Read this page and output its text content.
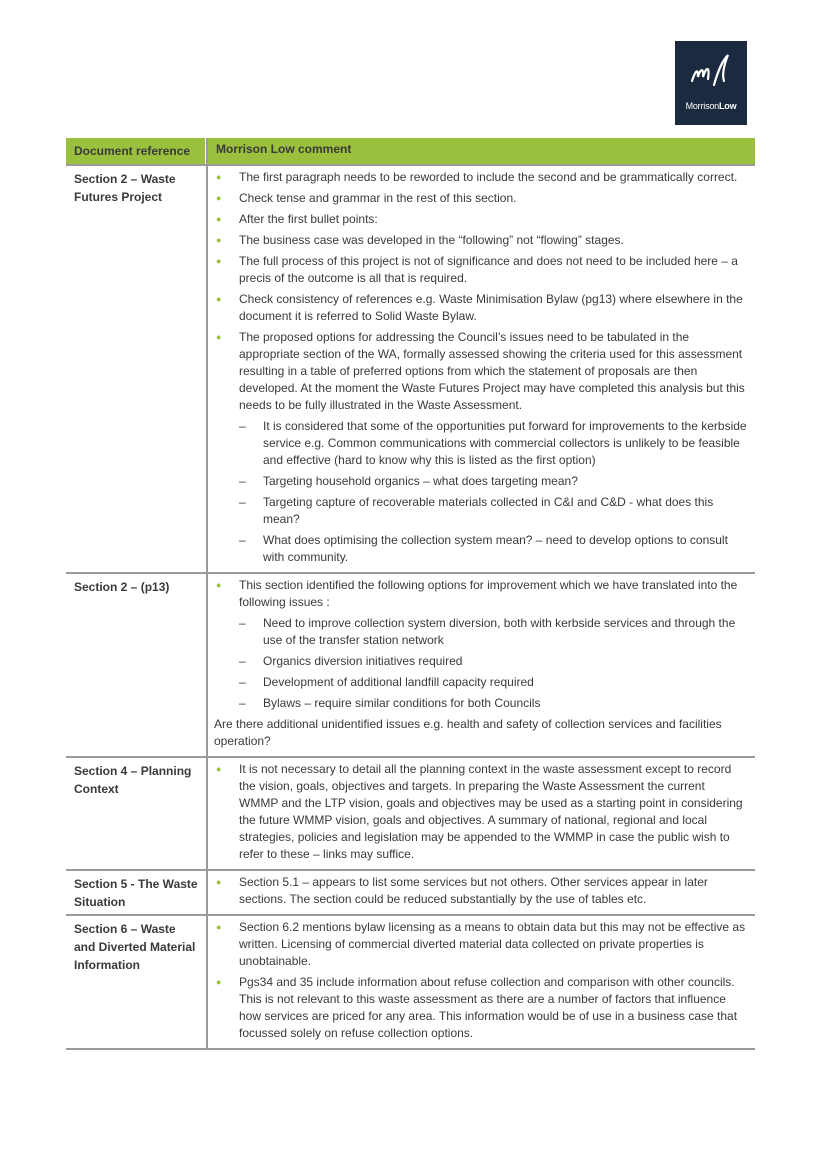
MorrisonLow
Document reference	Morrison Low comment
Section 2 – Waste Futures Project
● The first paragraph needs to be reworded to include the second and be grammatically correct.
● Check tense and grammar in the rest of this section.
● After the first bullet points:
● The business case was developed in the “following” not “flowing” stages.
● The full process of this project is not of significance and does not need to be included here – a precis of the outcome is all that is required.
● Check consistency of references e.g. Waste Minimisation Bylaw (pg13) where elsewhere in the document it is referred to Solid Waste Bylaw.
● The proposed options for addressing the Council’s issues need to be tabulated in the appropriate section of the WA, formally assessed showing the criteria used for this assessment resulting in a table of preferred options from which the statement of proposals are then developed. At the moment the Waste Futures Project may have completed this analysis but this needs to be fully illustrated in the Waste Assessment.
– It is considered that some of the opportunities put forward for improvements to the kerbside service e.g. Common communications with commercial collectors is unlikely to be feasible and effective (hard to know why this is listed as the first option)
– Targeting household organics – what does targeting mean?
– Targeting capture of recoverable materials collected in C&I and C&D - what does this mean?
– What does optimising the collection system mean? – need to develop options to consult with community.
Section 2 – (p13)	● This section identified the following options for improvement which we have translated into the following issues :
– Need to improve collection system diversion, both with kerbside services and through the use of the transfer station network
– Organics diversion initiatives required
– Development of additional landfill capacity required
– Bylaws – require similar conditions for both Councils
Are there additional unidentified issues e.g. health and safety of collection services and facilities operation?
Section 4 – Planning Context
● It is not necessary to detail all the planning context in the waste assessment except to record the vision, goals, objectives and targets. In preparing the Waste Assessment the current WMMP and the LTP vision, goals and objectives may be used as a starting point in considering the future WMMP vision, goals and objectives. A summary of national, regional and local strategies, policies and legislation may be appended to the WMMP in case the public wish to refer to these – links may suffice.
Section 5 - The Waste Situation
● Section 5.1 – appears to list some services but not others. Other services appear in later sections. The section could be reduced substantially by the use of tables etc.
Section 6 – Waste and Diverted Material Information
● Section 6.2 mentions bylaw licensing as a means to obtain data but this may not be effective as written. Licensing of commercial diverted material data collected on private properties is unobtainable.
● Pgs34 and 35 include information about refuse collection and comparison with other councils. This is not relevant to this waste assessment as there are a number of factors that influence how services are priced for any area. This information would be of use in a business case that focussed solely on refuse collection options.
